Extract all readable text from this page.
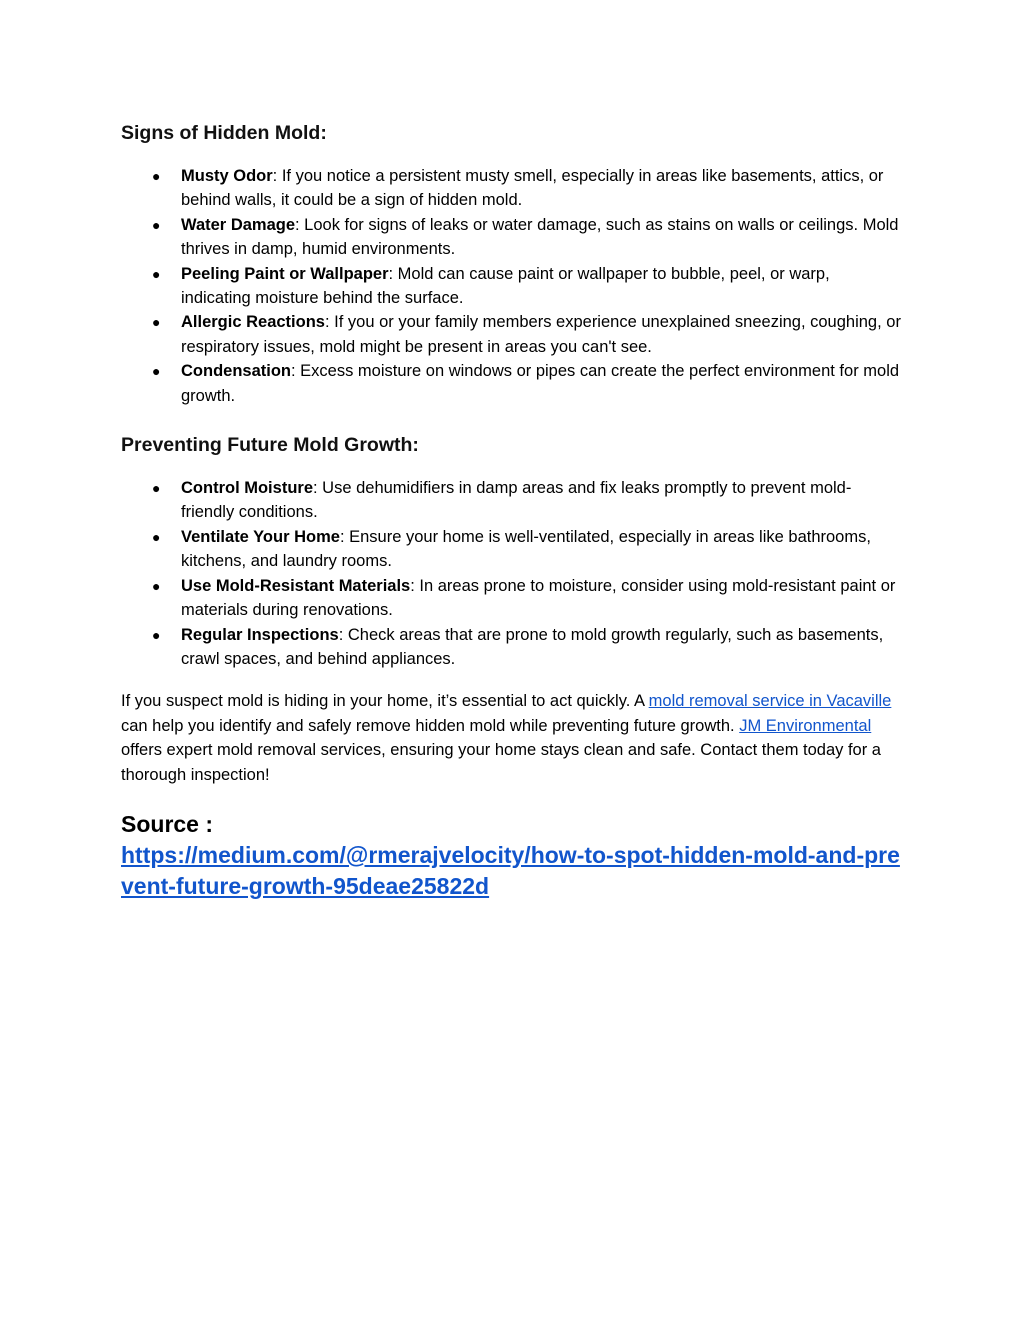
Signs of Hidden Mold:
● Musty Odor: If you notice a persistent musty smell, especially in areas like basements, attics, or behind walls, it could be a sign of hidden mold.
● Water Damage: Look for signs of leaks or water damage, such as stains on walls or ceilings. Mold thrives in damp, humid environments.
● Peeling Paint or Wallpaper: Mold can cause paint or wallpaper to bubble, peel, or warp, indicating moisture behind the surface.
● Allergic Reactions: If you or your family members experience unexplained sneezing, coughing, or respiratory issues, mold might be present in areas you can't see.
● Condensation: Excess moisture on windows or pipes can create the perfect environment for mold growth.
Preventing Future Mold Growth:
● Control Moisture: Use dehumidifiers in damp areas and fix leaks promptly to prevent mold-friendly conditions.
● Ventilate Your Home: Ensure your home is well-ventilated, especially in areas like bathrooms, kitchens, and laundry rooms.
● Use Mold-Resistant Materials: In areas prone to moisture, consider using mold-resistant paint or materials during renovations.
● Regular Inspections: Check areas that are prone to mold growth regularly, such as basements, crawl spaces, and behind appliances.

If you suspect mold is hiding in your home, it’s essential to act quickly. A mold removal service in Vacaville can help you identify and safely remove hidden mold while preventing future growth. JM Environmental offers expert mold removal services, ensuring your home stays clean and safe. Contact them today for a thorough inspection!

Source :
https://medium.com/@rmerajvelocity/how-to-spot-hidden-mold-and-prevent-future-growth-95deae25822d
